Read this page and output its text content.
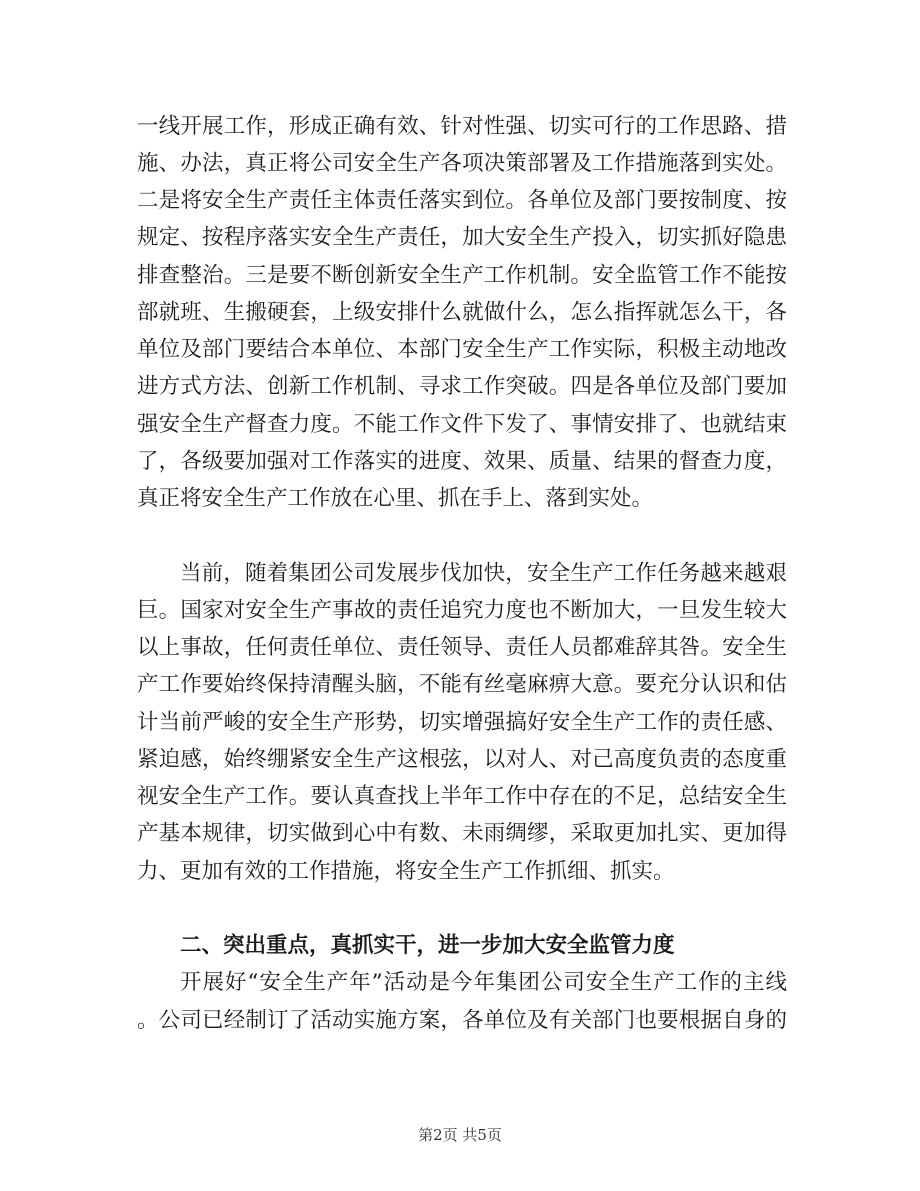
一线开展工作，形成正确有效、针对性强、切实可行的工作思路、措
施、办法，真正将公司安全生产各项决策部署及工作措施落到实处。
二是将安全生产责任主体责任落实到位。各单位及部门要按制度、按
规定、按程序落实安全生产责任，加大安全生产投入，切实抓好隐患
排查整治。三是要不断创新安全生产工作机制。安全监管工作不能按
部就班、生搬硬套，上级安排什么就做什么，怎么指挥就怎么干，各
单位及部门要结合本单位、本部门安全生产工作实际，积极主动地改
进方式方法、创新工作机制、寻求工作突破。四是各单位及部门要加
强安全生产督查力度。不能工作文件下发了、事情安排了、也就结束
了，各级要加强对工作落实的进度、效果、质量、结果的督查力度，
真正将安全生产工作放在心里、抓在手上、落到实处。
当前，随着集团公司发展步伐加快，安全生产工作任务越来越艰
巨。国家对安全生产事故的责任追究力度也不断加大，一旦发生较大
以上事故，任何责任单位、责任领导、责任人员都难辞其咎。安全生
产工作要始终保持清醒头脑，不能有丝毫麻痹大意。要充分认识和估
计当前严峻的安全生产形势，切实增强搞好安全生产工作的责任感、
紧迫感，始终绷紧安全生产这根弦，以对人、对己高度负责的态度重
视安全生产工作。要认真查找上半年工作中存在的不足，总结安全生
产基本规律，切实做到心中有数、未雨绸缪，采取更加扎实、更加得
力、更加有效的工作措施，将安全生产工作抓细、抓实。
二、突出重点，真抓实干，进一步加大安全监管力度
开展好“安全生产年”活动是今年集团公司安全生产工作的主线
。公司已经制订了活动实施方案，各单位及有关部门也要根据自身的
第2页 共5页
